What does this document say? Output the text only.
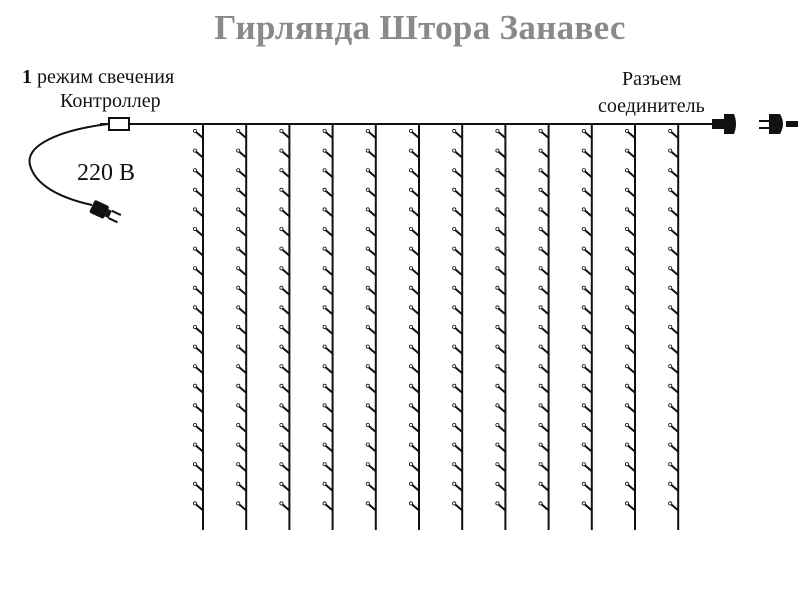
Гирлянда Штора Занавес
1 режим свечения
Контроллер
220 В
Разъем
соединитель
